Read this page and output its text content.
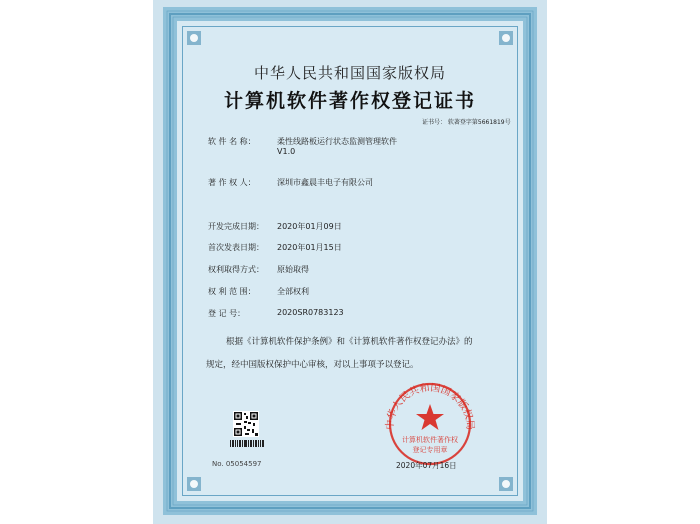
中华人民共和国国家版权局
计算机软件著作权登记证书
证书号： 软著登字第5661819号
软 件 名 称：	柔性线路板运行状态监测管理软件
V1.0
著 作 权 人：	深圳市鑫晨丰电子有限公司
开发完成日期： 2020年01月09日
首次发表日期： 2020年01月15日
权利取得方式： 原始取得
权 利 范 围：	全部权利
登 记 号：	2020SR0783123
根据《计算机软件保护条例》和《计算机软件著作权登记办法》的
规定，经中国版权保护中心审核，对以上事项予以登记。
No. 05054597
中华人民共和国国家版权局
计算机软件著作权
登记专用章
2020年07月16日
